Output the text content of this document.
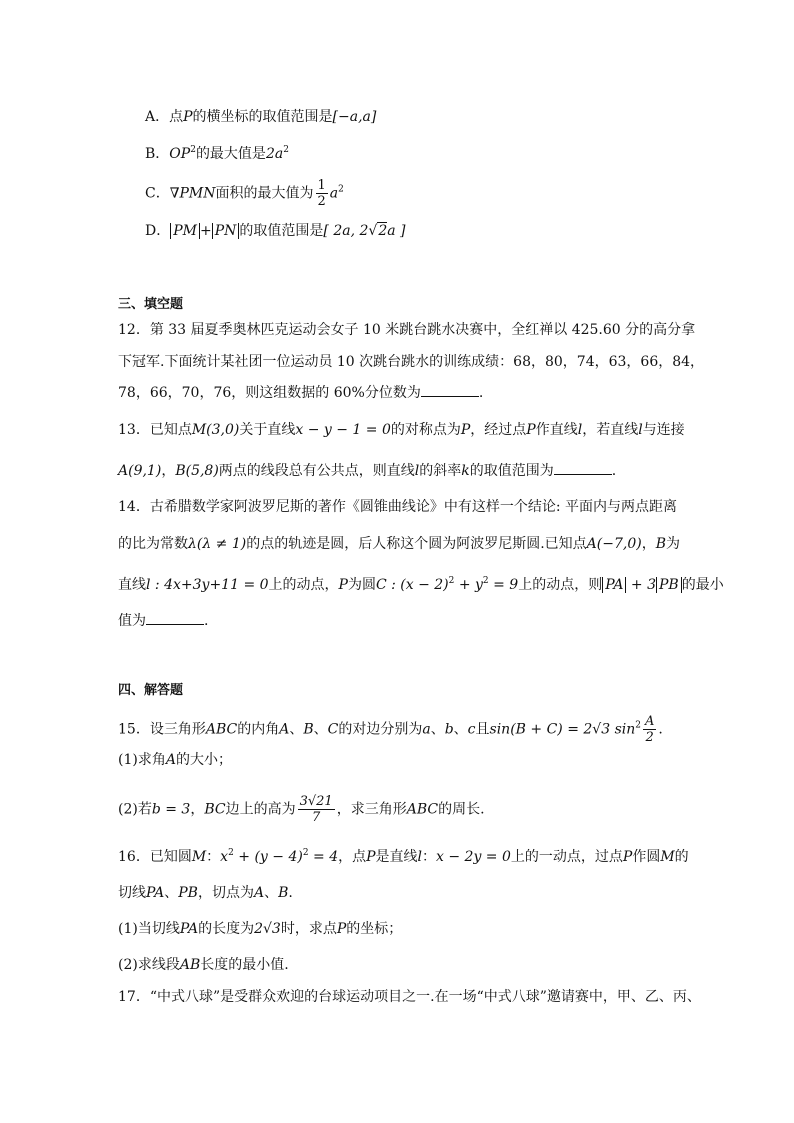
A．点P的横坐标的取值范围是[−a,a]
B．$OP^2$的最大值是$2a^2$
C．∇PMN面积的最大值为 $\frac{1}{2} a^2$
D． PM + PN 的取值范围是[ 2a, 2√2a ]
三、填空题
12．第 33 届夏季奥林匹克运动会女子 10 米跳台跳水决赛中，全红禅以 425.60 分的高分拿
下冠军.下面统计某社团一位运动员 10 次跳台跳水的训练成绩：68，80，74，63，66，84，
78，66，70，76，则这组数据的 60%分位数为	.
13．已知点M(3,0)关于直线x − y − 1 = 0的对称点为P，经过点P作直线l，若直线l与连接
A(9,1)，B(5,8)两点的线段总有公共点，则直线l的斜率k的取值范围为	.
14．古希腊数学家阿波罗尼斯的著作《圆锥曲线论》中有这样一个结论: 平面内与两点距离
的比为常数λ(λ ≠ 1)的点的轨迹是圆，后人称这个圆为阿波罗尼斯圆.已知点A(−7,0)，B为
直线l : 4x+3y+11 = 0上的动点，P为圆C : $(x - 2)^2 + y^2 = 9$上的动点，则 PA + 3 PB 的最小
值为	.
四、解答题
15．设三角形ABC的内角A、B、C的对边分别为a、b、c且sin(B + C) = 2√3 $\sin^2 \frac{A}{2}$ .
(1)求角A的大小；
(2)若b = 3，BC边上的高为 $\frac{3√21}{7}$ ，求三角形ABC的周长.
16．已知圆M：$x^2 + (y - 4)^2 = 4$，点P是直线l：x − 2y = 0上的一动点，过点P作圆M的
切线PA、PB，切点为A、B.
(1)当切线PA的长度为2√3时，求点P的坐标；
(2)求线段AB长度的最小值.
17．“中式八球”是受群众欢迎的台球运动项目之一.在一场“中式八球”邀请赛中，甲、乙、丙、
